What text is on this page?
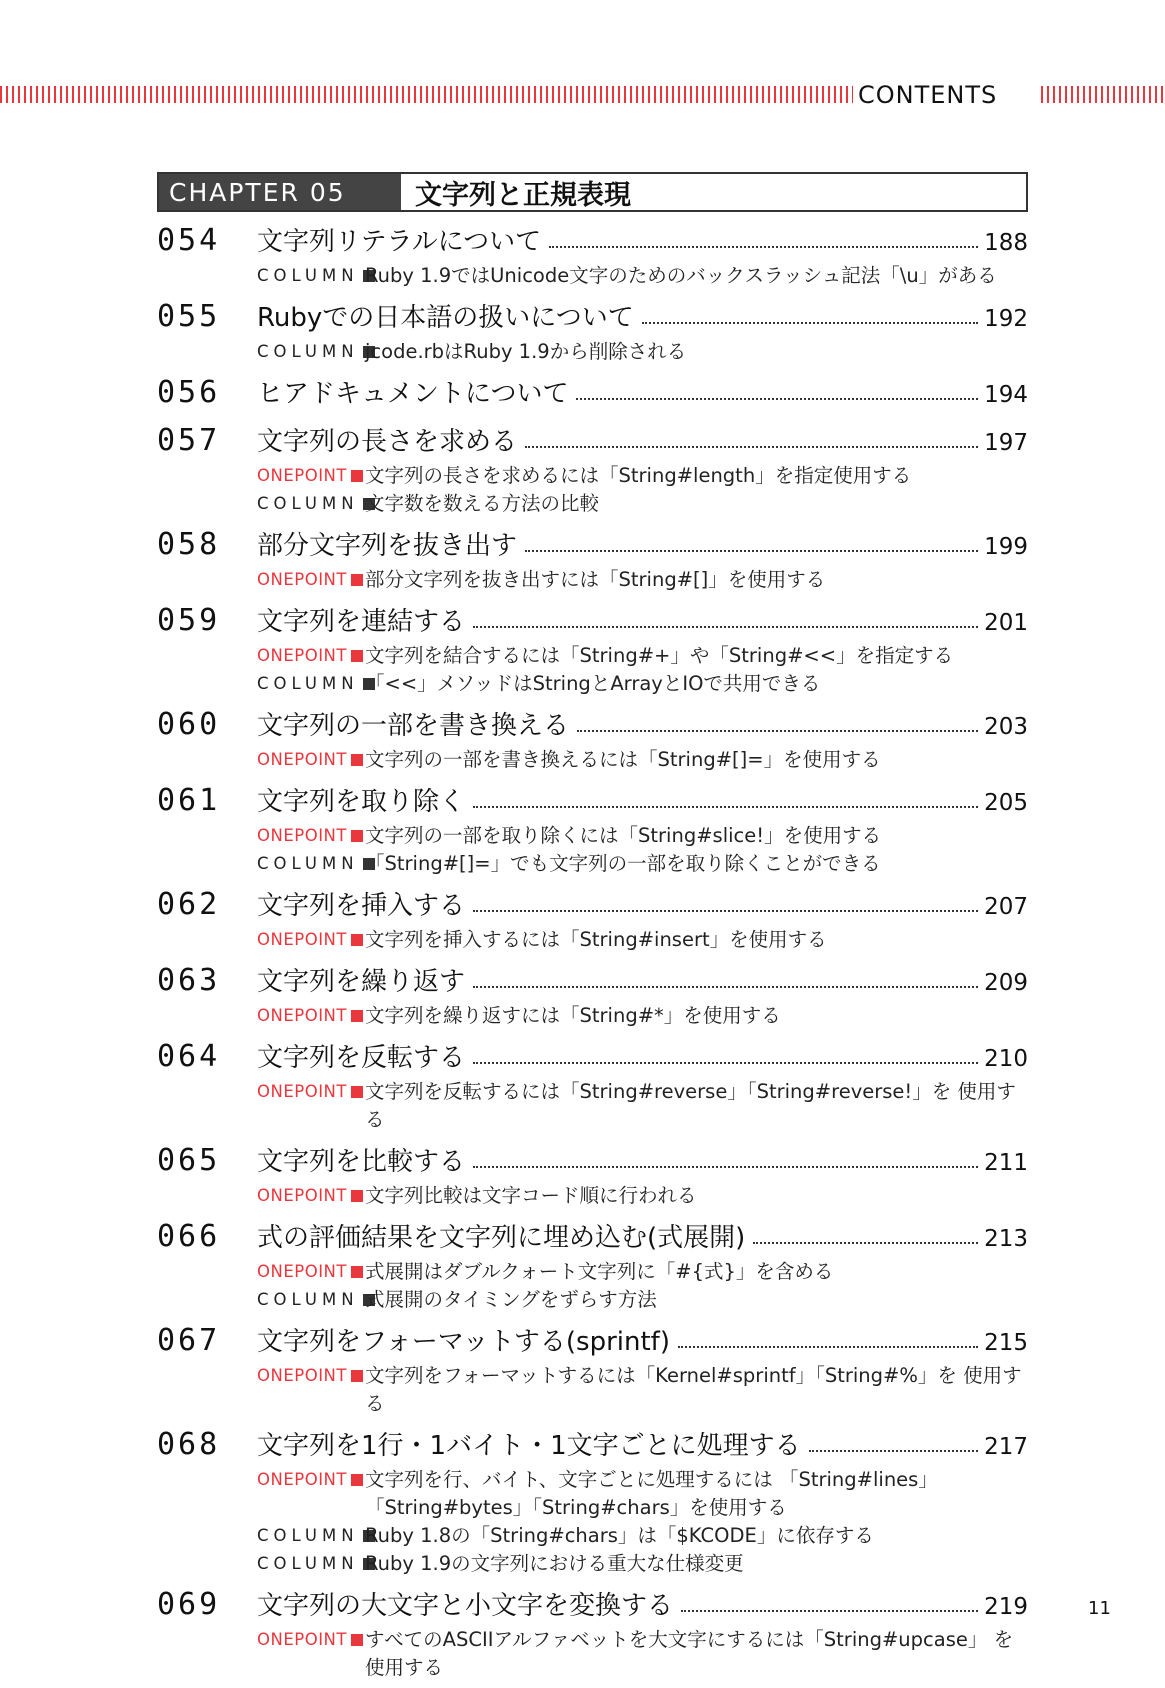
CONTENTS
CHAPTER 05	文字列と正規表現
054	文字列リテラルについて	188
COLUMN Ruby 1.9ではUnicode文字のためのバックスラッシュ記法「\u」がある
055	Rubyでの日本語の扱いについて	192
COLUMN jcode.rbはRuby 1.9から削除される
056	ヒアドキュメントについて	194
057	文字列の長さを求める	197
ONEPOINT 文字列の長さを求めるには「String#length」を指定使用する
COLUMN 文字数を数える方法の比較
058	部分文字列を抜き出す	199
ONEPOINT 部分文字列を抜き出すには「String#[]」を使用する
059	文字列を連結する	201
ONEPOINT 文字列を結合するには「String#+」や「String#<<」を指定する
COLUMN 「<<」メソッドはStringとArrayとIOで共用できる
060	文字列の一部を書き換える	203
ONEPOINT 文字列の一部を書き換えるには「String#[]=」を使用する
061	文字列を取り除く	205
ONEPOINT 文字列の一部を取り除くには「String#slice!」を使用する
COLUMN 「String#[]=」でも文字列の一部を取り除くことができる
062	文字列を挿入する	207
ONEPOINT 文字列を挿入するには「String#insert」を使用する
063	文字列を繰り返す	209
ONEPOINT 文字列を繰り返すには「String#*」を使用する
064	文字列を反転する	210
ONEPOINT 文字列を反転するには「String#reverse」「String#reverse!」を 使用する
065	文字列を比較する	211
ONEPOINT 文字列比較は文字コード順に行われる
066	式の評価結果を文字列に埋め込む(式展開)	213
ONEPOINT 式展開はダブルクォート文字列に「#{式}」を含める
COLUMN 式展開のタイミングをずらす方法
067	文字列をフォーマットする(sprintf)	215
ONEPOINT 文字列をフォーマットするには「Kernel#sprintf」「String#%」を 使用する
068	文字列を1行・1バイト・1文字ごとに処理する	217
ONEPOINT 文字列を行、バイト、文字ごとに処理するには 「String#lines」「String#bytes」「String#chars」を使用する
COLUMN Ruby 1.8の「String#chars」は「$KCODE」に依存する
COLUMN Ruby 1.9の文字列における重大な仕様変更
069	文字列の大文字と小文字を変換する	219
ONEPOINT すべてのASCIIアルファベットを大文字にするには「String#upcase」 を使用する
11
